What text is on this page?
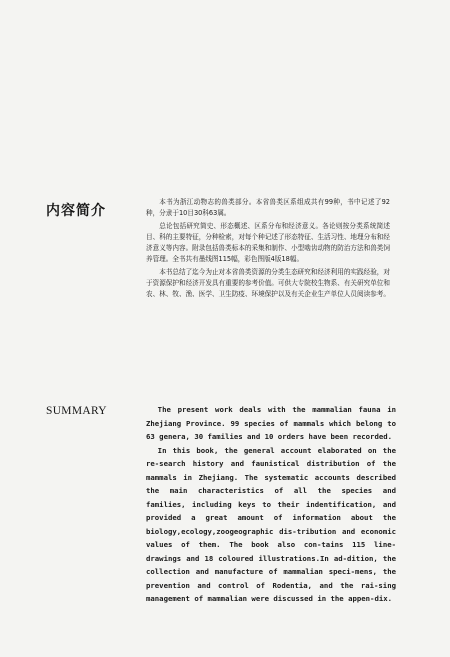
内容简介

本书为浙江动物志的兽类部分。本省兽类区系组成共有99种，书中记述了92种，分隶于10目30科63属。

总论包括研究简史、形态概述、区系分布和经济意义。各论则按分类系统简述目、科的主要特征，分种检索，对每个种记述了形态特征、生活习性、地理分布和经济意义等内容。附录包括兽类标本的采集和制作、小型啮齿动物的防治方法和兽类饲养管理。全书共有墨线图115幅，彩色图版4版18幅。

本书总结了迄今为止对本省兽类资源的分类生态研究和经济利用的实践经验，对于资源保护和经济开发具有重要的参考价值。可供大专院校生物系、有关研究单位和农、林、牧、渔、医学、卫生防疫、环境保护以及有关企业生产单位人员阅读参考。

SUMMARY	The present work deals with the mammalian fauna in Zhejiang Province. 99 species of mammals which belong to 63 genera, 30 families and 10 orders have been recorded.

In this book, the general account elaborated on the re-search history and faunistical distribution of the mammals in Zhejiang. The systematic accounts described the main characteristics of all the species and families, including keys to their indentification, and provided a great amount of information about the biology,ecology,zoogeographic dis-tribution and economic values of them. The book also con-tains 115 line-drawings and 18 coloured illustrations.In ad-dition, the collection and manufacture of mammalian speci-mens, the prevention and control of Rodentia, and the rai-sing management of mammalian were discussed in the appen-dix.
